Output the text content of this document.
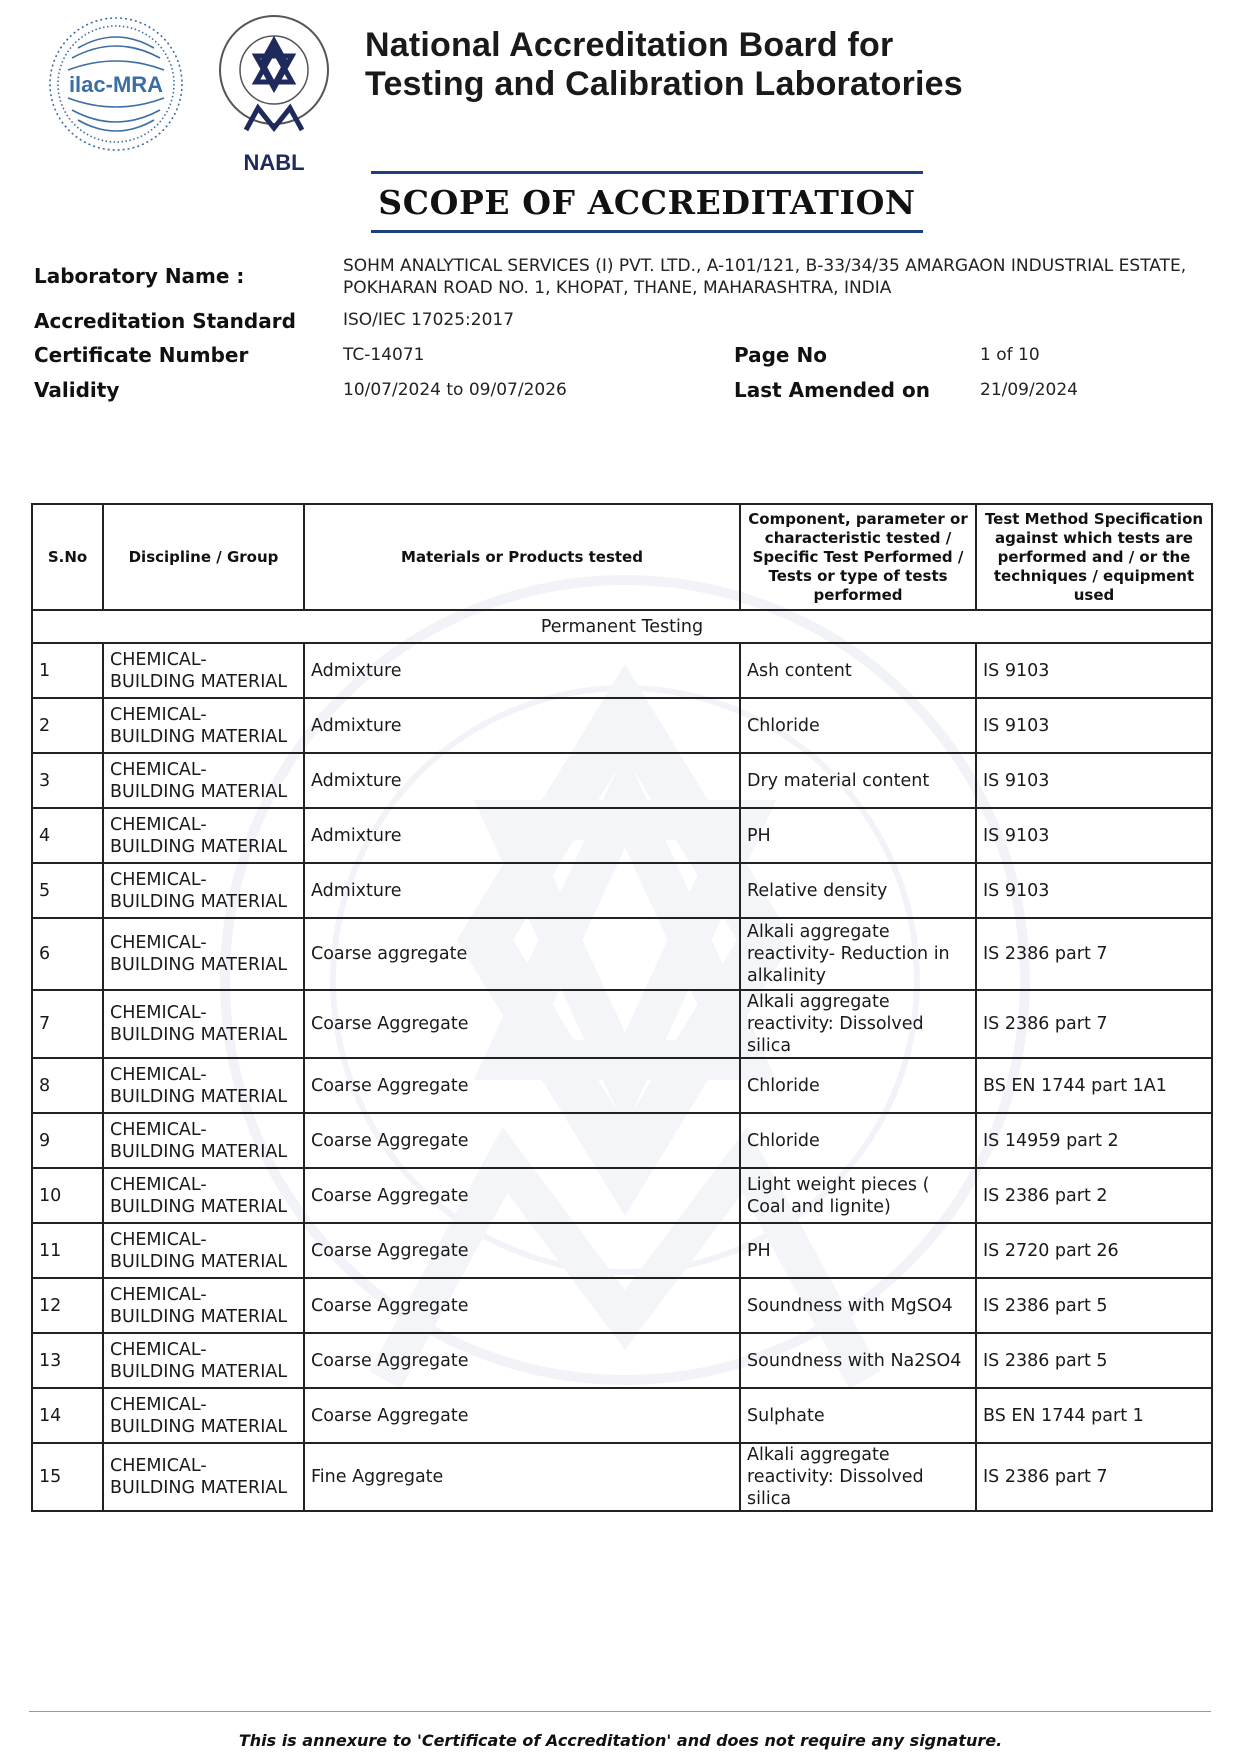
ilac-MRA
NABL
National Accreditation Board for
Testing and Calibration Laboratories
SCOPE OF ACCREDITATION
Laboratory Name :	SOHM ANALYTICAL SERVICES (I) PVT. LTD., A-101/121, B-33/34/35 AMARGAON INDUSTRIAL ESTATE,
POKHARAN ROAD NO. 1, KHOPAT, THANE, MAHARASHTRA, INDIA
Accreditation Standard	ISO/IEC 17025:2017
Certificate Number	TC-14071	Page No	1 of 10
Validity	10/07/2024 to 09/07/2026	Last Amended on	21/09/2024
S.No	Discipline / Group	Materials or Products tested	Component, parameter or characteristic tested / Specific Test Performed / Tests or type of tests performed	Test Method Specification against which tests are performed and / or the techniques / equipment used
Permanent Testing				
1	CHEMICAL- BUILDING MATERIAL	Admixture	Ash content	IS 9103
2	CHEMICAL- BUILDING MATERIAL	Admixture	Chloride	IS 9103
3	CHEMICAL- BUILDING MATERIAL	Admixture	Dry material content	IS 9103
4	CHEMICAL- BUILDING MATERIAL	Admixture	PH	IS 9103
5	CHEMICAL- BUILDING MATERIAL	Admixture	Relative density	IS 9103
6	CHEMICAL- BUILDING MATERIAL	Coarse aggregate	Alkali aggregate reactivity- Reduction in alkalinity	IS 2386 part 7
7	CHEMICAL- BUILDING MATERIAL	Coarse Aggregate	Alkali aggregate reactivity: Dissolved silica	IS 2386 part 7
8	CHEMICAL- BUILDING MATERIAL	Coarse Aggregate	Chloride	BS EN 1744 part 1A1
9	CHEMICAL- BUILDING MATERIAL	Coarse Aggregate	Chloride	IS 14959 part 2
10	CHEMICAL- BUILDING MATERIAL	Coarse Aggregate	Light weight pieces ( Coal and lignite)	IS 2386 part 2
11	CHEMICAL- BUILDING MATERIAL	Coarse Aggregate	PH	IS 2720 part 26
12	CHEMICAL- BUILDING MATERIAL	Coarse Aggregate	Soundness with MgSO4	IS 2386 part 5
13	CHEMICAL- BUILDING MATERIAL	Coarse Aggregate	Soundness with Na2SO4	IS 2386 part 5
14	CHEMICAL- BUILDING MATERIAL	Coarse Aggregate	Sulphate	BS EN 1744 part 1
15	CHEMICAL- BUILDING MATERIAL	Fine Aggregate	Alkali aggregate reactivity: Dissolved silica	IS 2386 part 7
This is annexure to 'Certificate of Accreditation' and does not require any signature.
